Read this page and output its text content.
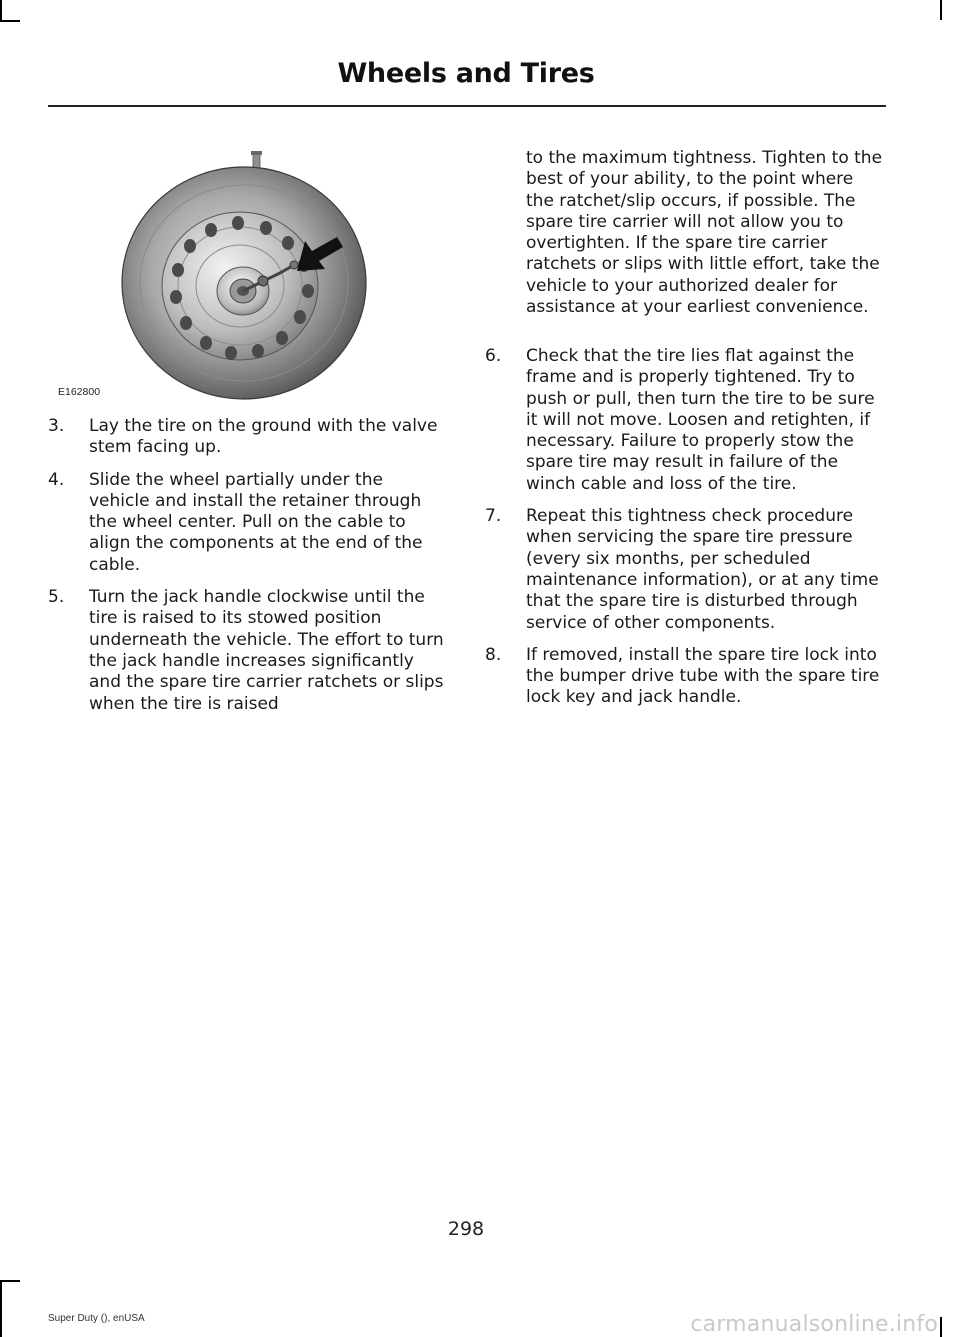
Wheels and Tires
E162800
3. Lay the tire on the ground with the valve stem facing up.
4. Slide the wheel partially under the vehicle and install the retainer through the wheel center. Pull on the cable to align the components at the end of the cable.
5. Turn the jack handle clockwise until the tire is raised to its stowed position underneath the vehicle. The effort to turn the jack handle increases significantly and the spare tire carrier ratchets or slips when the tire is raised
to the maximum tightness. Tighten to the best of your ability, to the point where the ratchet/slip occurs, if possible. The spare tire carrier will not allow you to overtighten. If the spare tire carrier ratchets or slips with little effort, take the vehicle to your authorized dealer for assistance at your earliest convenience.
6. Check that the tire lies flat against the frame and is properly tightened. Try to push or pull, then turn the tire to be sure it will not move. Loosen and retighten, if necessary. Failure to properly stow the spare tire may result in failure of the winch cable and loss of the tire.
7. Repeat this tightness check procedure when servicing the spare tire pressure (every six months, per scheduled maintenance information), or at any time that the spare tire is disturbed through service of other components.
8. If removed, install the spare tire lock into the bumper drive tube with the spare tire lock key and jack handle.
298
Super Duty (), enUSA	carmanualsonline.info
